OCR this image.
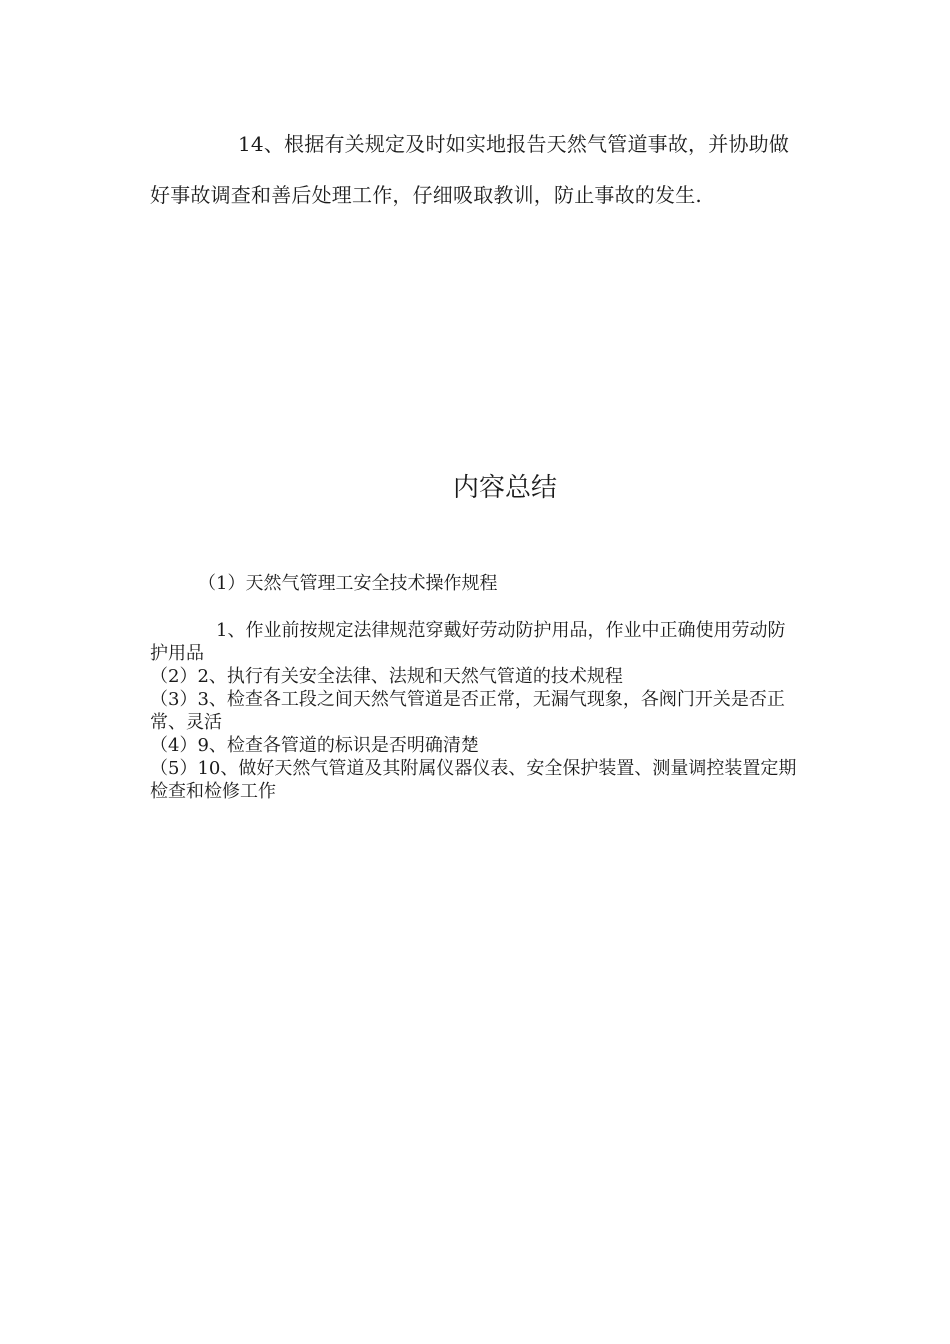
14、根据有关规定及时如实地报告天然气管道事故，并协助做好事故调查和善后处理工作，仔细吸取教训，防止事故的发生.

内容总结

（1）天然气管理工安全技术操作规程

1、作业前按规定法律规范穿戴好劳动防护用品，作业中正确使用劳动防护用品
（2）2、执行有关安全法律、法规和天然气管道的技术规程
（3）3、检查各工段之间天然气管道是否正常，无漏气现象，各阀门开关是否正常、灵活
（4）9、检查各管道的标识是否明确清楚
（5）10、做好天然气管道及其附属仪器仪表、安全保护装置、测量调控装置定期检查和检修工作
